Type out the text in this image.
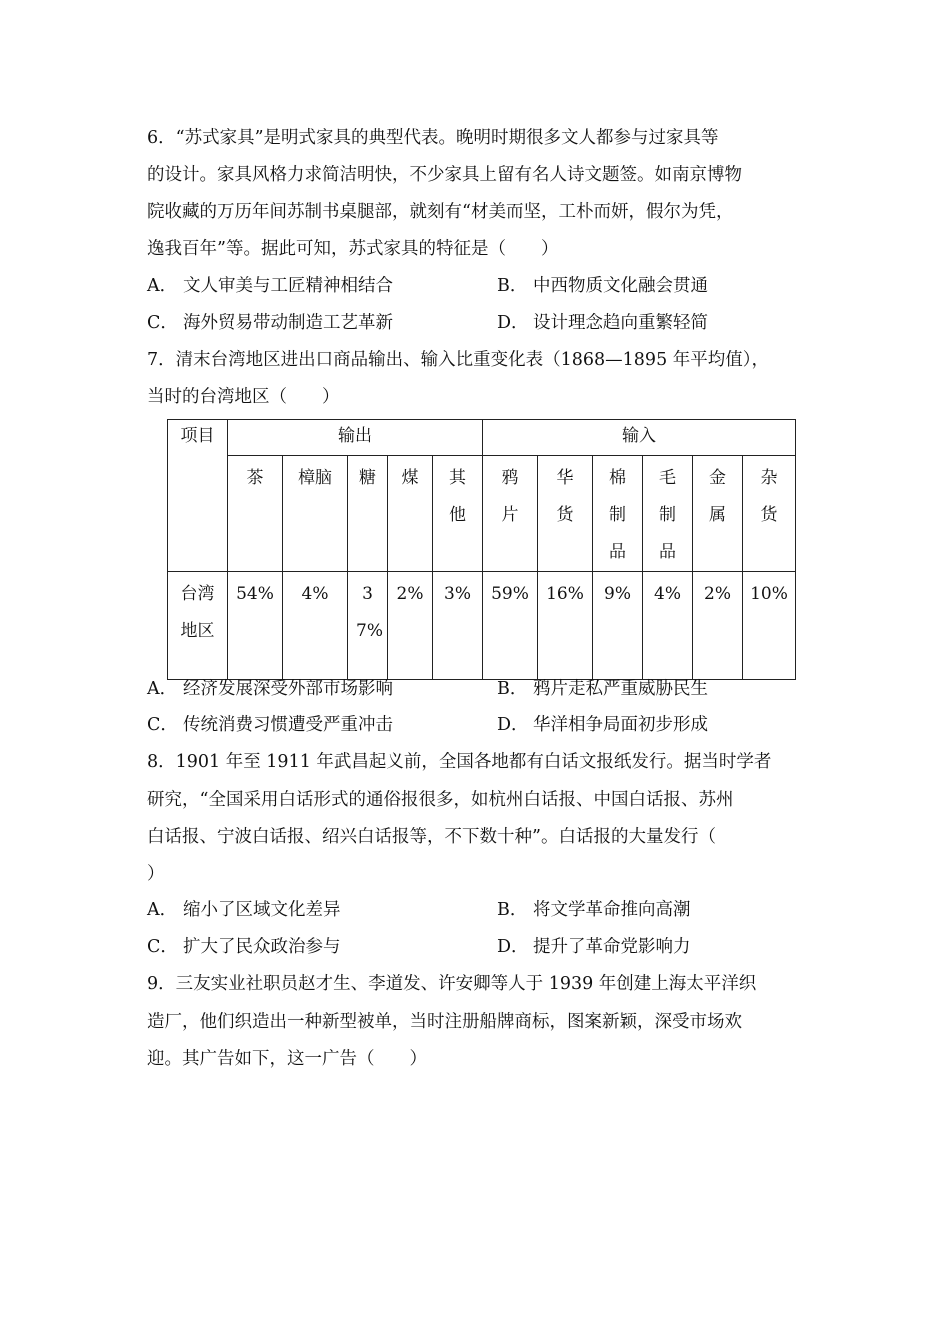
6．“苏式家具”是明式家具的典型代表。晚明时期很多文人都参与过家具等
的设计。家具风格力求简洁明快，不少家具上留有名人诗文题签。如南京博物
院收藏的万历年间苏制书桌腿部，就刻有“材美而坚，工朴而妍，假尔为凭，
逸我百年”等。据此可知，苏式家具的特征是（　　）
A． 文人审美与工匠精神相结合	B． 中西物质文化融会贯通
C． 海外贸易带动制造工艺革新	D． 设计理念趋向重繁轻简
7．清末台湾地区进出口商品输出、输入比重变化表（1868—1895 年平均值），
当时的台湾地区（　　）
项目	输出					输入					
	茶	樟脑	糖	煤	其他	鸦片	华货	棉制品	毛制品	金属	杂货
台湾地区	54%	4%	37%	2%	3%	59%	16%	9%	4%	2%	10%
A． 经济发展深受外部市场影响	B． 鸦片走私严重威胁民生
C． 传统消费习惯遭受严重冲击	D． 华洋相争局面初步形成
8．1901 年至 1911 年武昌起义前，全国各地都有白话文报纸发行。据当时学者
研究，“全国采用白话形式的通俗报很多，如杭州白话报、中国白话报、苏州
白话报、宁波白话报、绍兴白话报等，不下数十种”。白话报的大量发行（
）
A． 缩小了区域文化差异	B． 将文学革命推向高潮
C． 扩大了民众政治参与	D． 提升了革命党影响力
9．三友实业社职员赵才生、李道发、许安卿等人于 1939 年创建上海太平洋织
造厂，他们织造出一种新型被单，当时注册船牌商标，图案新颖，深受市场欢
迎。其广告如下，这一广告（　　）
